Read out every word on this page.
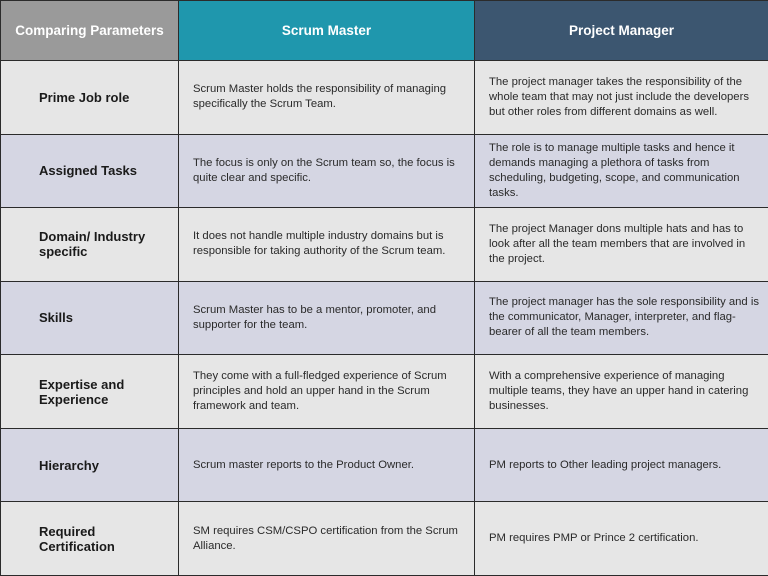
Comparing Parameters	Scrum Master	Project Manager
Prime Job role	Scrum Master holds the responsibility of managing specifically the Scrum Team.	The project manager takes the responsibility of the whole team that may not just include the developers but other roles from different domains as well.
Assigned Tasks	The focus is only on the Scrum team so, the focus is quite clear and specific.	The role is to manage multiple tasks and hence it demands managing a plethora of tasks from scheduling, budgeting, scope, and communication tasks.
Domain/ Industry specific	It does not handle multiple industry domains but is responsible for taking authority of the Scrum team.	The project Manager dons multiple hats and has to look after all the team members that are involved in the project.
Skills	Scrum Master has to be a mentor, promoter, and supporter for the team.	The project manager has the sole responsibility and is the communicator, Manager, interpreter, and flag-bearer of all the team members.
Expertise and Experience	They come with a full-fledged experience of Scrum principles and hold an upper hand in the Scrum framework and team.	With a comprehensive experience of managing multiple teams, they have an upper hand in catering businesses.
Hierarchy	Scrum master reports to the Product Owner.	PM reports to Other leading project managers.
Required Certification	SM requires CSM/CSPO certification from the Scrum Alliance.	PM requires PMP or Prince 2 certification.
